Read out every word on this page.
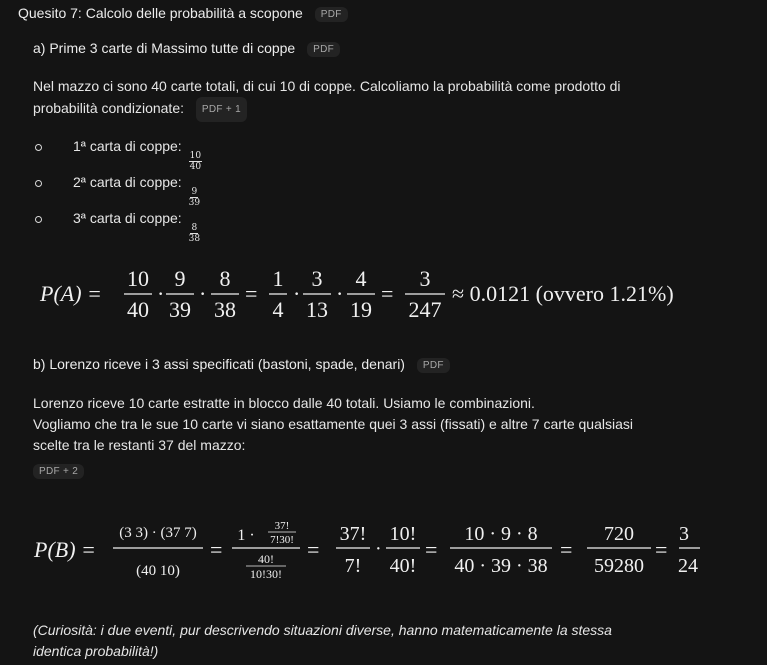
Quesito 7: Calcolo delle probabilità a scopone PDF
a) Prime 3 carte di Massimo tutte di coppe PDF
Nel mazzo ci sono 40 carte totali, di cui 10 di coppe. Calcoliamo la probabilità come prodotto di
probabilità condizionate: PDF + 1
1ª carta di coppe:
$\frac{10}{40}$
2ª carta di coppe:
$\frac{9}{39}$
3ª carta di coppe:
$\frac{8}{38}$
P(A) =
10
40
·
9
39
·
8
38
=
1
4
·
3
13
·
4
19
=
3
247
≈ 0.0121 (ovvero 1.21%)
b) Lorenzo riceve i 3 assi specificati (bastoni, spade, denari) PDF
Lorenzo riceve 10 carte estratte in blocco dalle 40 totali. Usiamo le combinazioni.
Vogliamo che tra le sue 10 carte vi siano esattamente quei 3 assi (fissati) e altre 7 carte qualsiasi
scelte tra le restanti 37 del mazzo:
PDF + 2
P(B) =
(3 3) · (37 7)
(40 10)
=
1 ·
37!
7!30!
40!
10!30!
=
37!
7!
·
10!
40!
=
10 · 9 · 8
40 · 39 · 38
=
720
59280
=
3
24
(Curiosità: i due eventi, pur descrivendo situazioni diverse, hanno matematicamente la stessa
identica probabilità!)
